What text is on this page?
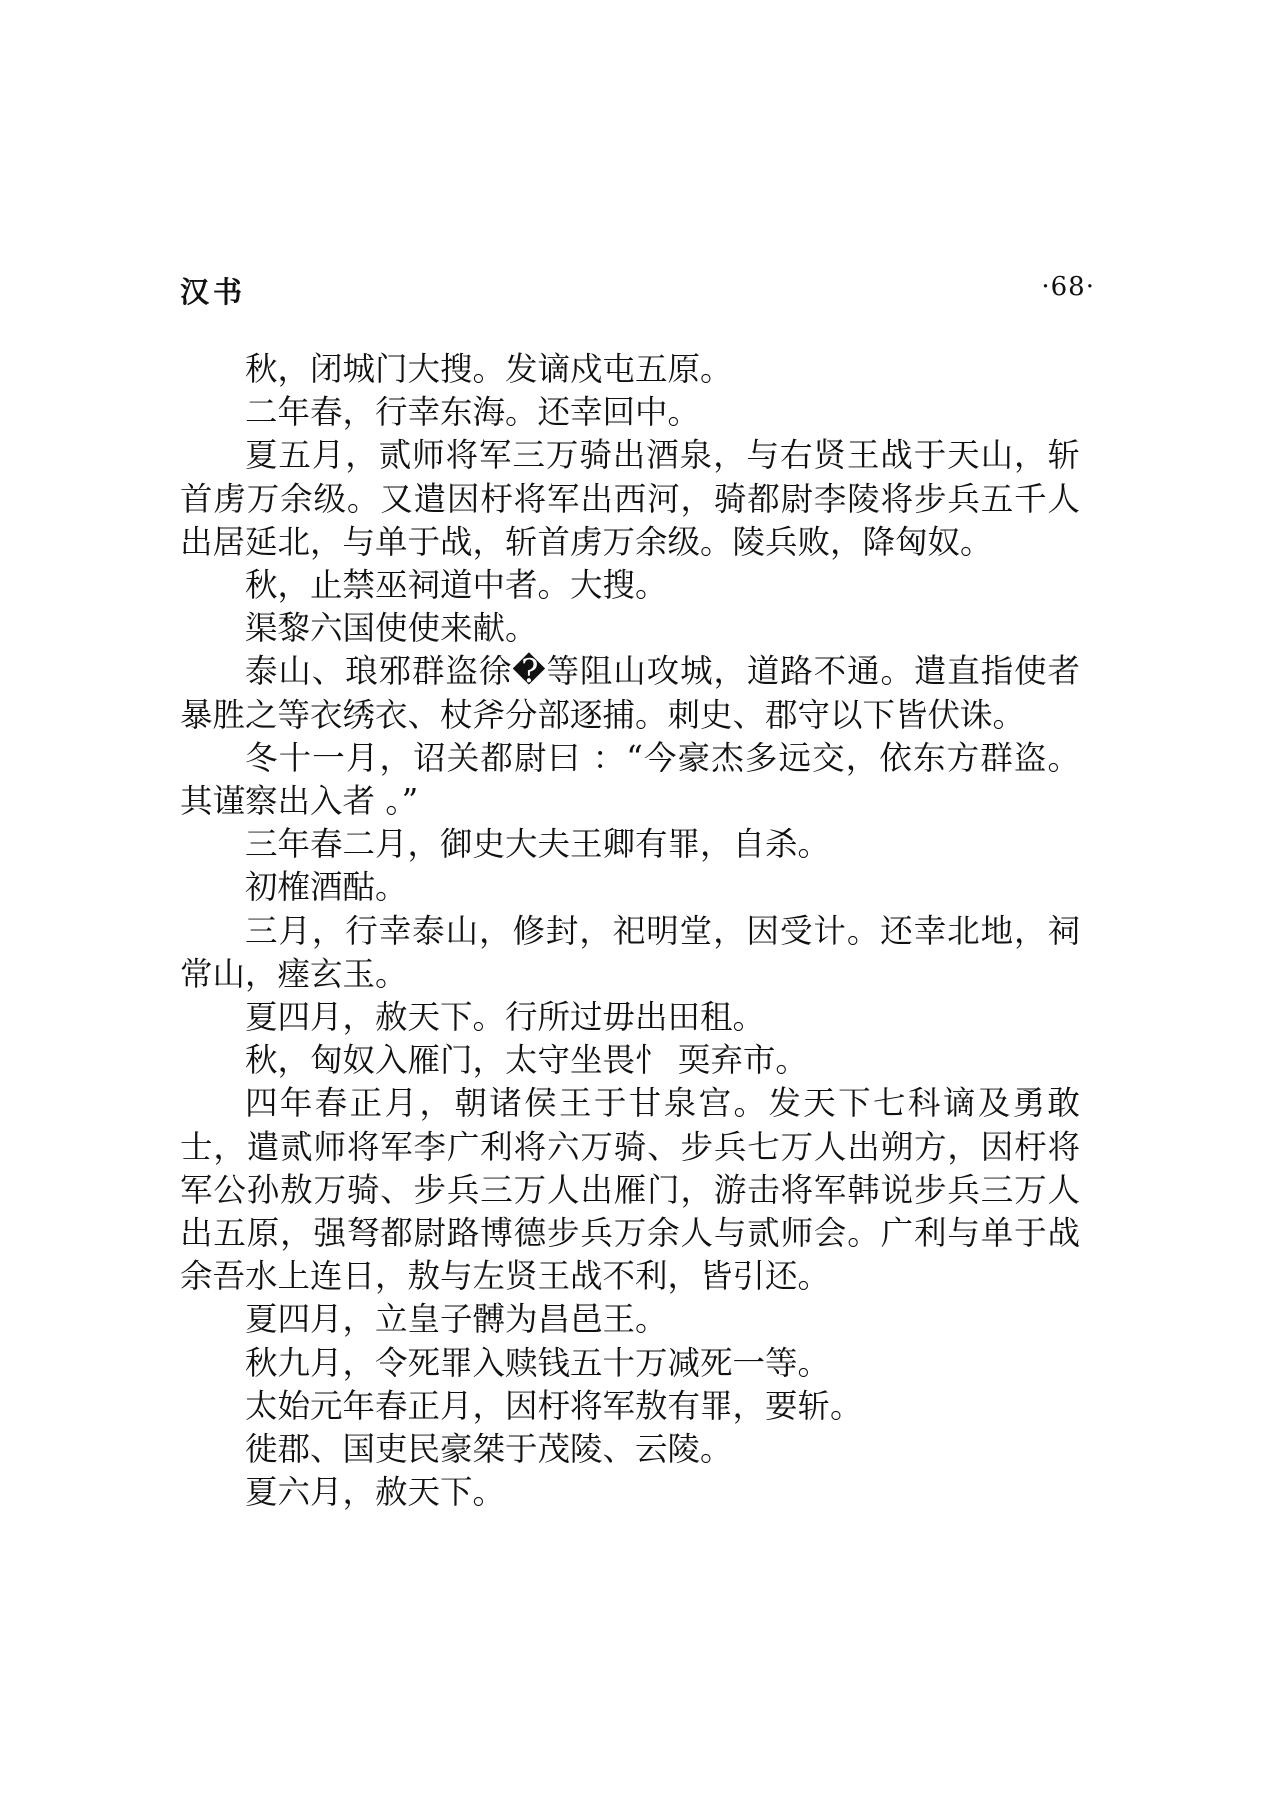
汉书	·68·

秋，闭城门大搜。发谪戍屯五原。

二年春，行幸东海。还幸回中。

夏五月，贰师将军三万骑出酒泉，与右贤王战于天山，斩首虏万余级。又遣因杅将军出西河，骑都尉李陵将步兵五千人出居延北，与单于战，斩首虏万余级。陵兵败，降匈奴。

秋，止禁巫祠道中者。大搜。

渠黎六国使使来献。

泰山、琅邪群盗徐�等阻山攻城，道路不通。遣直指使者暴胜之等衣绣衣、杖斧分部逐捕。刺史、郡守以下皆伏诛。

冬十一月，诏关都尉曰 ：“今豪杰多远交，依东方群盗。其谨察出入者 。”

三年春二月，御史大夫王卿有罪，自杀。

初榷酒酤。

三月，行幸泰山，修封，祀明堂，因受计。还幸北地，祠常山，瘗玄玉。

夏四月，赦天下。行所过毋出田租。

秋，匈奴入雁门，太守坐畏忄 耎弃市。

四年春正月，朝诸侯王于甘泉宫。发天下七科谪及勇敢士，遣贰师将军李广利将六万骑、步兵七万人出朔方，因杅将军公孙敖万骑、步兵三万人出雁门，游击将军韩说步兵三万人出五原，强弩都尉路博德步兵万余人与贰师会。广利与单于战余吾水上连日，敖与左贤王战不利，皆引还。

夏四月，立皇子髆为昌邑王。

秋九月，令死罪入赎钱五十万减死一等。

太始元年春正月，因杅将军敖有罪，要斩。

徙郡、国吏民豪桀于茂陵、云陵。

夏六月，赦天下。
